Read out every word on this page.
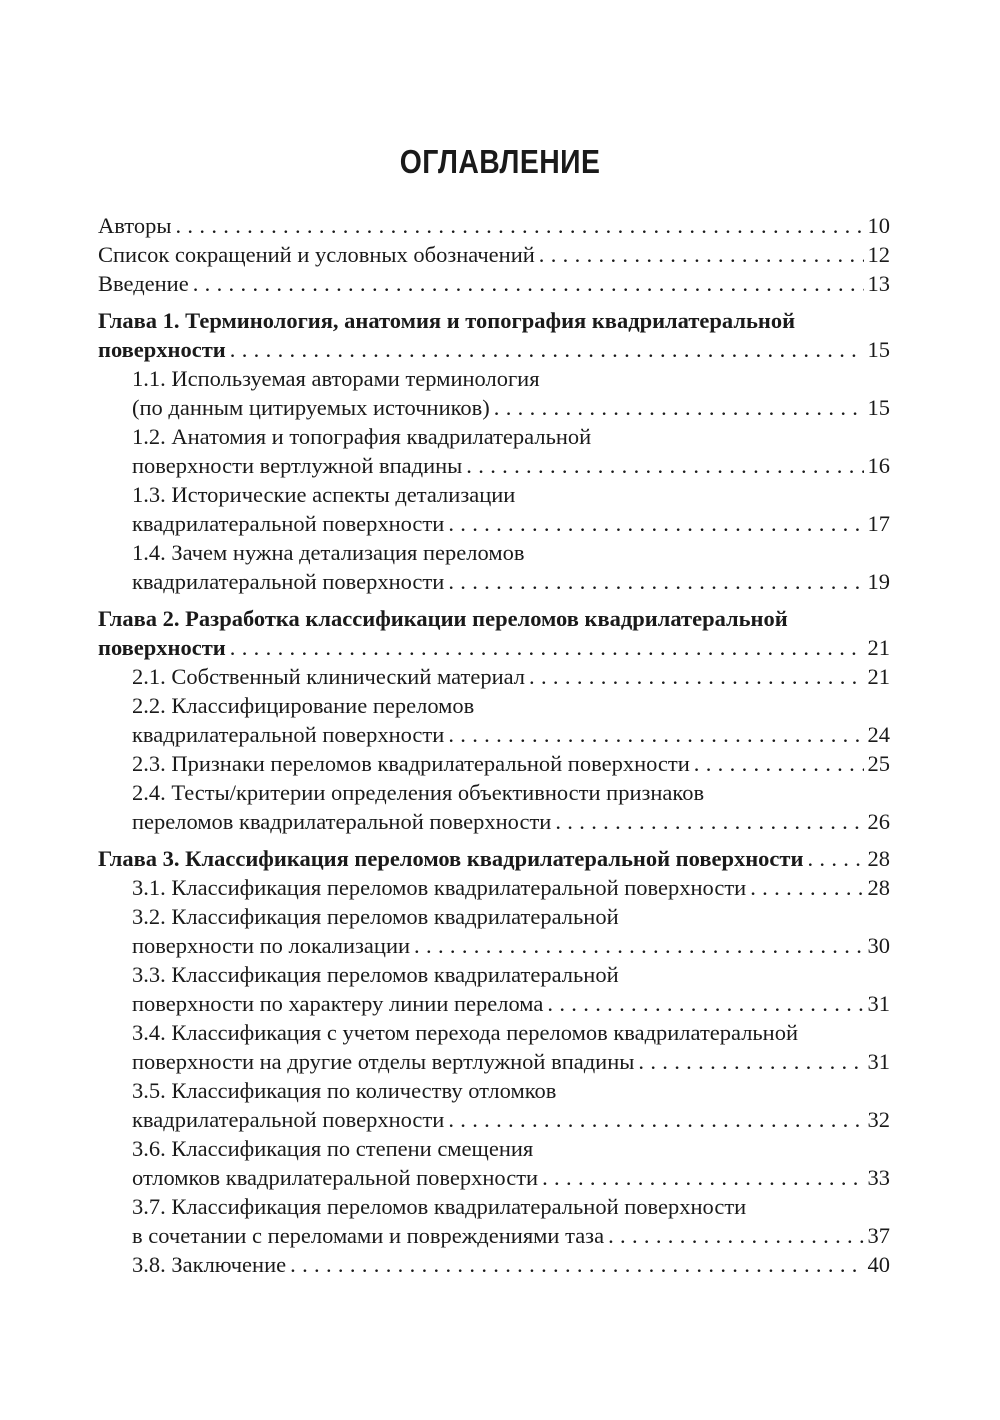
ОГЛАВЛЕНИЕ
Авторы . . .	10
Список сокращений и условных обозначений . . .	12
Введение . . .	13
Глава 1. Терминология, анатомия и топография квадрилатеральной
поверхности . . .	15
1.1. Используемая авторами терминология
(по данным цитируемых источников) . . .	15
1.2. Анатомия и топография квадрилатеральной
поверхности вертлужной впадины . . .	16
1.3. Исторические аспекты детализации
квадрилатеральной поверхности . . .	17
1.4. Зачем нужна детализация переломов
квадрилатеральной поверхности . . .	19
Глава 2. Разработка классификации переломов квадрилатеральной
поверхности . . .	21
2.1. Собственный клинический материал . . .	21
2.2. Классифицирование переломов
квадрилатеральной поверхности . . .	24
2.3. Признаки переломов квадрилатеральной поверхности . . .	25
2.4. Тесты/критерии определения объективности признаков
переломов квадрилатеральной поверхности . . .	26
Глава 3. Классификация переломов квадрилатеральной поверхности . . .	28
3.1. Классификация переломов квадрилатеральной поверхности . . .	28
3.2. Классификация переломов квадрилатеральной
поверхности по локализации . . .	30
3.3. Классификация переломов квадрилатеральной
поверхности по характеру линии перелома . . .	31
3.4. Классификация с учетом перехода переломов квадрилатеральной
поверхности на другие отделы вертлужной впадины . . .	31
3.5. Классификация по количеству отломков
квадрилатеральной поверхности . . .	32
3.6. Классификация по степени смещения
отломков квадрилатеральной поверхности . . .	33
3.7. Классификация переломов квадрилатеральной поверхности
в сочетании с переломами и повреждениями таза . . .	37
3.8. Заключение . . .	40
